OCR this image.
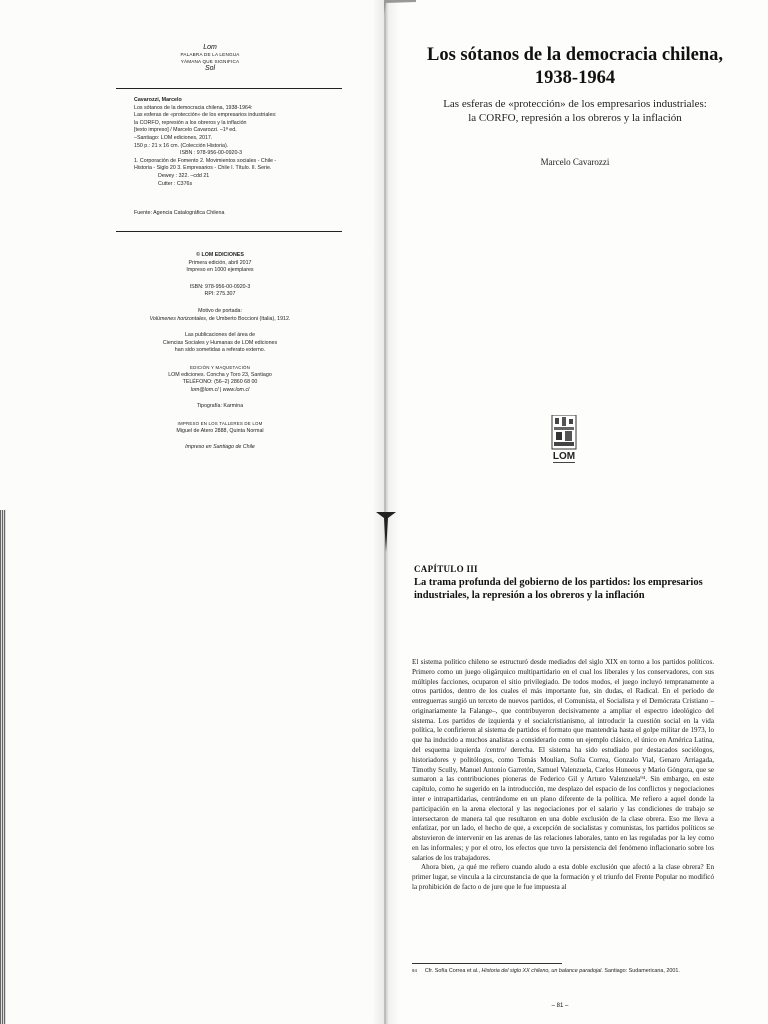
Lom
PALABRA DE LA LENGUA
YÁMANA QUE SIGNIFICA
Sol
Cavarozzi, Marcelo
Los sótanos de la democracia chilena, 1938-1964:
Las esferas de «protección» de los empresarios industriales:
la CORFO, represión a los obreros y la inflación
[texto impreso] / Marcelo Cavarozzi. –1ª ed.
–Santiago: LOM ediciones, 2017.
150 p.: 21 x 16 cm. (Colección Historia).
ISBN : 978-956-00-0920-3
1. Corporación de Fomento 2. Movimientos sociales - Chile -
Historia - Siglo 20 3. Empresarios - Chile I. Título. II. Serie.
Dewey : 322. –cdd 21
Cutter : C376s
Fuente: Agencia Catalográfica Chilena
© LOM EDICIONES
Primera edición, abril 2017
Impreso en 1000 ejemplares
ISBN: 978-956-00-0920-3
RPI: 275.307
Motivo de portada:
Volúmenes horizontales, de Umberto Boccioni (Italia), 1912.
Las publicaciones del área de
Ciencias Sociales y Humanas de LOM ediciones
han sido sometidas a referato externo.
EDICIÓN Y MAQUETACIÓN
LOM ediciones. Concha y Toro 23, Santiago
TELÉFONO: (56–2) 2860 68 00
lom@lom.cl | www.lom.cl
Tipografía: Karmina
IMPRESO EN LOS TALLERES DE LOM
Miguel de Atero 2888, Quinta Normal
Impreso en Santiago de Chile
Los sótanos de la democracia chilena,
1938-1964
Las esferas de «protección» de los empresarios industriales:
la CORFO, represión a los obreros y la inflación
Marcelo Cavarozzi
LOM
CAPÍTULO III
La trama profunda del gobierno de los partidos: los empresarios industriales, la represión a los obreros y la inflación

El sistema político chileno se estructuró desde mediados del siglo XIX en torno a los partidos políticos. Primero como un juego oligárquico multipartidario en el cual los liberales y los conservadores, con sus múltiples facciones, ocuparon el sitio privilegiado. De todos modos, el juego incluyó tempranamente a otros partidos, dentro de los cuales el más importante fue, sin dudas, el Radical. En el período de entreguerras surgió un terceto de nuevos partidos, el Comunista, el Socialista y el Demócrata Cristiano –originariamente la Falange–, que contribuyeron decisivamente a ampliar el espectro ideológico del sistema. Los partidos de izquierda y el socialcristianismo, al introducir la cuestión social en la vida política, le confirieron al sistema de partidos el formato que mantendría hasta el golpe militar de 1973, lo que ha inducido a muchos analistas a considerarlo como un ejemplo clásico, el único en América Latina, del esquema izquierda /centro/ derecha. El sistema ha sido estudiado por destacados sociólogos, historiadores y politólogos, como Tomás Moulian, Sofía Correa, Gonzalo Vial, Genaro Arriagada, Timothy Scully, Manuel Antonio Garretón, Samuel Valenzuela, Carlos Huneeus y Mario Góngora, que se sumaron a las contribuciones pioneras de Federico Gil y Arturo Valenzuela⁹⁴. Sin embargo, en este capítulo, como he sugerido en la introducción, me desplazo del espacio de los conflictos y negociaciones inter e intrapartidarias, centrándome en un plano diferente de la política. Me refiero a aquel donde la participación en la arena electoral y las negociaciones por el salario y las condiciones de trabajo se intersectaron de manera tal que resultaron en una doble exclusión de la clase obrera. Eso me lleva a enfatizar, por un lado, el hecho de que, a excepción de socialistas y comunistas, los partidos políticos se abstuvieron de intervenir en las arenas de las relaciones laborales, tanto en las reguladas por la ley como en las informales; y por el otro, los efectos que tuvo la persistencia del fenómeno inflacionario sobre los salarios de los trabajadores.

Ahora bien, ¿a qué me refiero cuando aludo a esta doble exclusión que afectó a la clase obrera? En primer lugar, se vincula a la circunstancia de que la formación y el triunfo del Frente Popular no modificó la prohibición de facto o de jure que le fue impuesta al

$^{94}$ Cfr. Sofía Correa et al., Historia del siglo XX chileno, un balance paradojal. Santiago: Sudamericana, 2001.
– 81 –
